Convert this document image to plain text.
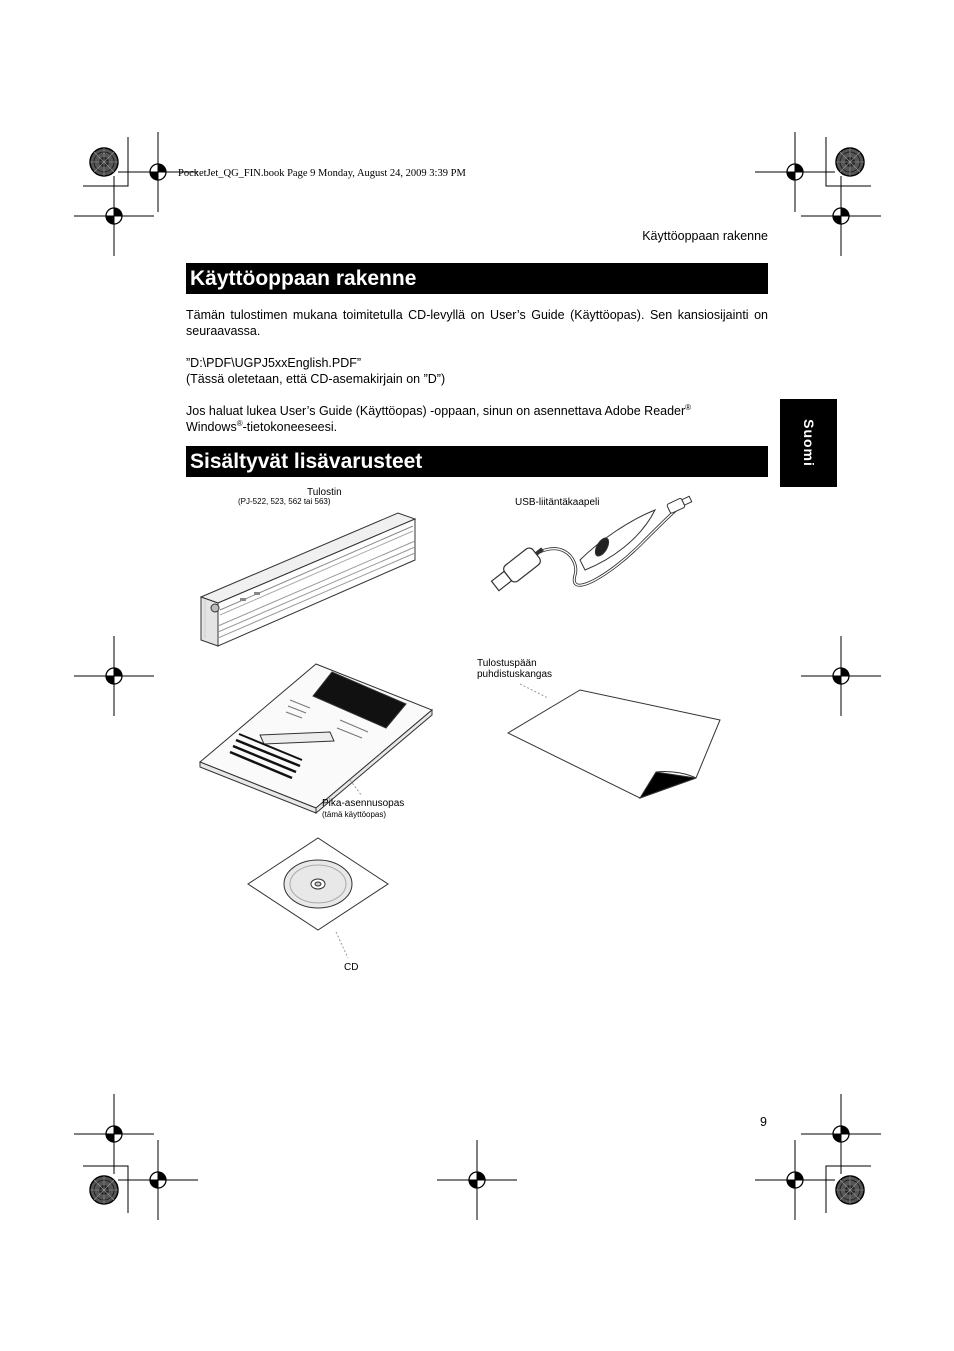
PocketJet_QG_FIN.book Page 9 Monday, August 24, 2009 3:39 PM
Käyttöoppaan rakenne
Käyttöoppaan rakenne

Tämän tulostimen mukana toimitetulla CD-levyllä on User’s Guide (Käyttöopas). Sen kansiosijainti on seuraavassa.

”D:\PDF\UGPJ5xxEnglish.PDF”

(Tässä oletetaan, että CD-asemakirjain on ”D”)

Jos haluat lukea User’s Guide (Käyttöopas) -oppaan, sinun on asennettava Adobe Reader®
Windows®-tietokoneeseesi.	Suomi
Sisältyvät lisävarusteet
Tulostin
(PJ-522, 523, 562 tai 563)	USB-liitäntäkaapeli
Tulostuspään
puhdistuskangas
Pika-asennusopas
(tämä käyttöopas)
CD
9
